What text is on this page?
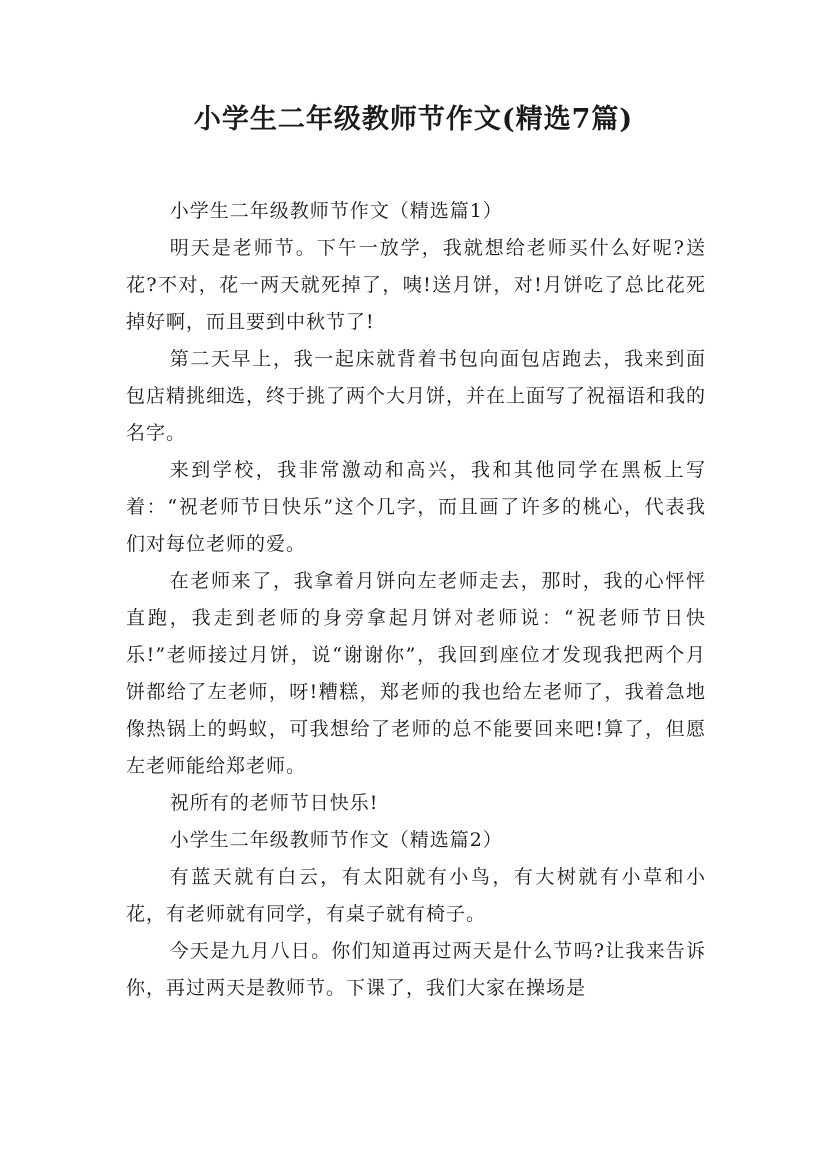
小学生二年级教师节作文(精选7篇)

小学生二年级教师节作文（精选篇1）

明天是老师节。下午一放学，我就想给老师买什么好呢?送花?不对，花一两天就死掉了，咦!送月饼，对!月饼吃了总比花死掉好啊，而且要到中秋节了!

第二天早上，我一起床就背着书包向面包店跑去，我来到面包店精挑细选，终于挑了两个大月饼，并在上面写了祝福语和我的名字。

来到学校，我非常激动和高兴，我和其他同学在黑板上写着：“祝老师节日快乐”这个几字，而且画了许多的桃心，代表我们对每位老师的爱。

在老师来了，我拿着月饼向左老师走去，那时，我的心怦怦直跑，我走到老师的身旁拿起月饼对老师说：“祝老师节日快乐!”老师接过月饼，说“谢谢你”，我回到座位才发现我把两个月饼都给了左老师，呀!糟糕，郑老师的我也给左老师了，我着急地像热锅上的蚂蚁，可我想给了老师的总不能要回来吧!算了，但愿左老师能给郑老师。

祝所有的老师节日快乐!

小学生二年级教师节作文（精选篇2）

有蓝天就有白云，有太阳就有小鸟，有大树就有小草和小花，有老师就有同学，有桌子就有椅子。

今天是九月八日。你们知道再过两天是什么节吗?让我来告诉你，再过两天是教师节。下课了，我们大家在操场是
